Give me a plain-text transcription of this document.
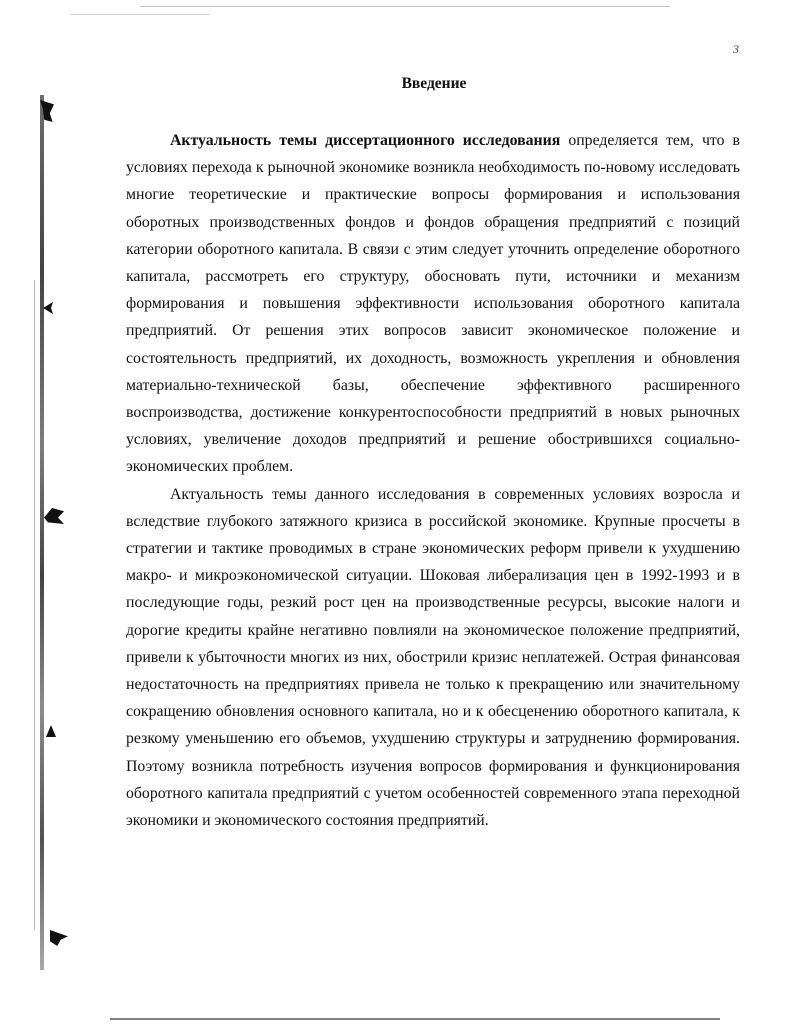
3
Введение

Актуальность темы диссертационного исследования определяется тем, что в условиях перехода к рыночной экономике возникла необходимость по-новому исследовать многие теоретические и практические вопросы формирования и использования оборотных производственных фондов и фондов обращения предприятий с позиций категории оборотного капитала. В связи с этим следует уточнить определение оборотного капитала, рассмотреть его структуру, обосновать пути, источники и механизм формирования и повышения эффективности использования оборотного капитала предприятий. От решения этих вопросов зависит экономическое положение и состоятельность предприятий, их доходность, возможность укрепления и обновления материально-технической базы, обеспечение эффективного расширенного воспроизводства, достижение конкурентоспособности предприятий в новых рыночных условиях, увеличение доходов предприятий и решение обострившихся социально-экономических проблем.

Актуальность темы данного исследования в современных условиях возросла и вследствие глубокого затяжного кризиса в российской экономике. Крупные просчеты в стратегии и тактике проводимых в стране экономических реформ привели к ухудшению макро- и микроэкономической ситуации. Шоковая либерализация цен в 1992-1993 и в последующие годы, резкий рост цен на производственные ресурсы, высокие налоги и дорогие кредиты крайне негативно повлияли на экономическое положение предприятий, привели к убыточности многих из них, обострили кризис неплатежей. Острая финансовая недостаточность на предприятиях привела не только к прекращению или значительному сокращению обновления основного капитала, но и к обесценению оборотного капитала, к резкому уменьшению его объемов, ухудшению структуры и затруднению формирования. Поэтому возникла потребность изучения вопросов формирования и функционирования оборотного капитала предприятий с учетом особенностей современного этапа переходной экономики и экономического состояния предприятий.
